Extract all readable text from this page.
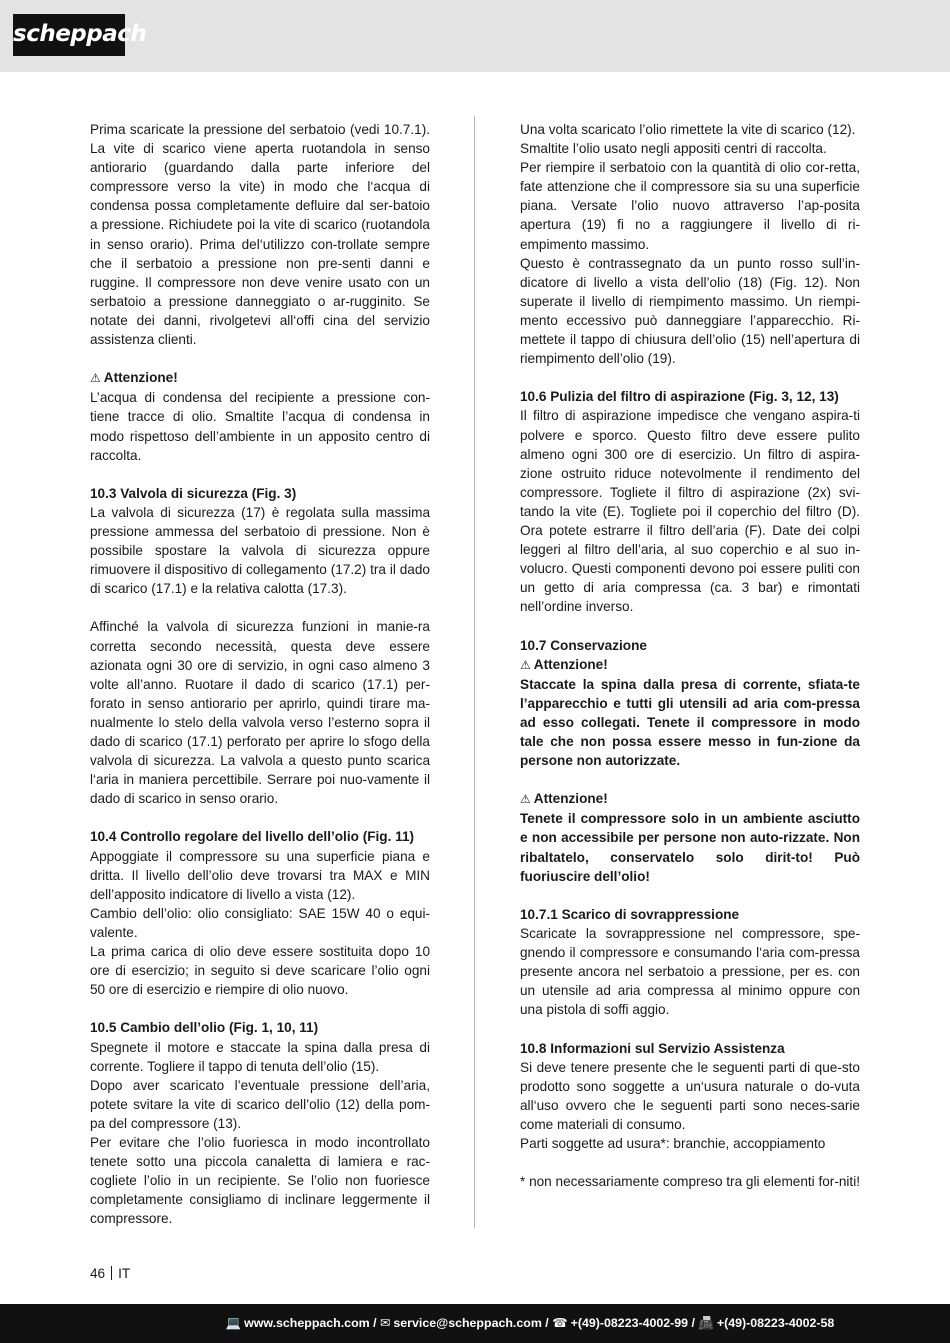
scheppach

Prima scaricate la pressione del serbatoio (vedi 10.7.1). La vite di scarico viene aperta ruotandola in senso antiorario (guardando dalla parte inferiore del compressore verso la vite) in modo che l‘acqua di condensa possa completamente defluire dal ser-batoio a pressione. Richiudete poi la vite di scarico (ruotandola in senso orario). Prima del‘utilizzo con-trollate sempre che il serbatoio a pressione non pre-senti danni e ruggine. Il compressore non deve venire usato con un serbatoio a pressione danneggiato o ar-rugginito. Se notate dei danni, rivolgetevi all‘offi cina del servizio assistenza clienti.

⚠ Attenzione!

L’acqua di condensa del recipiente a pressione con-tiene tracce di olio. Smaltite l’acqua di condensa in modo rispettoso dell’ambiente in un apposito centro di raccolta.

10.3 Valvola di sicurezza (Fig. 3)

La valvola di sicurezza (17) è regolata sulla massima pressione ammessa del serbatoio di pressione. Non è possibile spostare la valvola di sicurezza oppure rimuovere il dispositivo di collegamento (17.2) tra il dado di scarico (17.1) e la relativa calotta (17.3).

Affinché la valvola di sicurezza funzioni in manie-ra corretta secondo necessità, questa deve essere azionata ogni 30 ore di servizio, in ogni caso almeno 3 volte all’anno. Ruotare il dado di scarico (17.1) per-forato in senso antiorario per aprirlo, quindi tirare ma-nualmente lo stelo della valvola verso l’esterno sopra il dado di scarico (17.1) perforato per aprire lo sfogo della valvola di sicurezza. La valvola a questo punto scarica l‘aria in maniera percettibile. Serrare poi nuo-vamente il dado di scarico in senso orario.

10.4 Controllo regolare del livello dell’olio (Fig. 11)

Appoggiate il compressore su una superficie piana e dritta. Il livello dell’olio deve trovarsi tra MAX e MIN dell’apposito indicatore di livello a vista (12).

Cambio dell’olio: olio consigliato: SAE 15W 40 o equi-valente.

La prima carica di olio deve essere sostituita dopo 10 ore di esercizio; in seguito si deve scaricare l’olio ogni 50 ore di esercizio e riempire di olio nuovo.

10.5 Cambio dell’olio (Fig. 1, 10, 11)

Spegnete il motore e staccate la spina dalla presa di corrente. Togliere il tappo di tenuta dell’olio (15).

Dopo aver scaricato l’eventuale pressione dell’aria, potete svitare la vite di scarico dell’olio (12) della pom-pa del compressore (13).

Per evitare che l’olio fuoriesca in modo incontrollato tenete sotto una piccola canaletta di lamiera e rac-cogliete l’olio in un recipiente. Se l’olio non fuoriesce completamente consigliamo di inclinare leggermente il compressore.

Una volta scaricato l’olio rimettete la vite di scarico (12).

Smaltite l’olio usato negli appositi centri di raccolta.

Per riempire il serbatoio con la quantità di olio cor-retta, fate attenzione che il compressore sia su una superficie piana. Versate l’olio nuovo attraverso l’ap-posita apertura (19) fi no a raggiungere il livello di ri-empimento massimo.

Questo è contrassegnato da un punto rosso sull’in-dicatore di livello a vista dell’olio (18) (Fig. 12). Non superate il livello di riempimento massimo. Un riempi-mento eccessivo può danneggiare l’apparecchio. Ri-mettete il tappo di chiusura dell’olio (15) nell’apertura di riempimento dell’olio (19).

10.6 Pulizia del filtro di aspirazione (Fig. 3, 12, 13)

Il filtro di aspirazione impedisce che vengano aspira-ti polvere e sporco. Questo filtro deve essere pulito almeno ogni 300 ore di esercizio. Un filtro di aspira-zione ostruito riduce notevolmente il rendimento del compressore. Togliete il filtro di aspirazione (2x) svi-tando la vite (E). Togliete poi il coperchio del filtro (D). Ora potete estrarre il filtro dell’aria (F). Date dei colpi leggeri al filtro dell’aria, al suo coperchio e al suo in-volucro. Questi componenti devono poi essere puliti con un getto di aria compressa (ca. 3 bar) e rimontati nell’ordine inverso.

10.7 Conservazione
⚠ Attenzione!

Staccate la spina dalla presa di corrente, sfiata-te l’apparecchio e tutti gli utensili ad aria com-pressa ad esso collegati. Tenete il compressore in modo tale che non possa essere messo in fun-zione da persone non autorizzate.

⚠ Attenzione!

Tenete il compressore solo in un ambiente asciutto e non accessibile per persone non auto-rizzate. Non ribaltatelo, conservatelo solo dirit-to! Può fuoriuscire dell’olio!

10.7.1 Scarico di sovrappressione

Scaricate la sovrappressione nel compressore, spe-gnendo il compressore e consumando l‘aria com-pressa presente ancora nel serbatoio a pressione, per es. con un utensile ad aria compressa al minimo oppure con una pistola di soffi aggio.

10.8 Informazioni sul Servizio Assistenza

Si deve tenere presente che le seguenti parti di que-sto prodotto sono soggette a un‘usura naturale o do-vuta all‘uso ovvero che le seguenti parti sono neces-sarie come materiali di consumo.

Parti soggette ad usura*: branchie, accoppiamento

* non necessariamente compreso tra gli elementi for-niti!

46 IT
💻 www.scheppach.com / ✉ service@scheppach.com / ☎ +(49)-08223-4002-99 / 📠 +(49)-08223-4002-58
